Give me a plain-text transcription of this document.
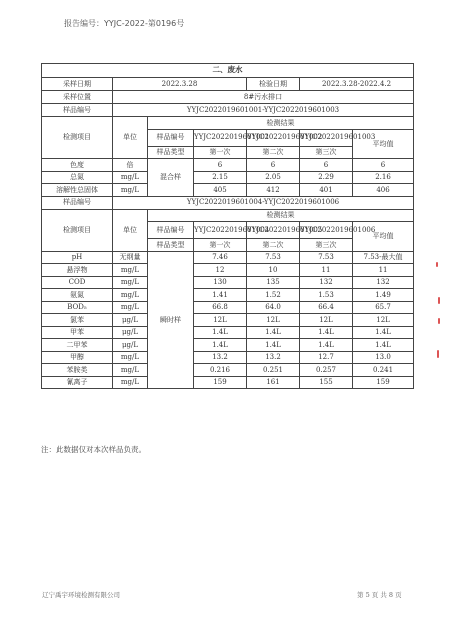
报告编号：YYJC-2022-第0196号
二、废水						
采样日期	2022.3.28			检验日期	2022.3.28-2022.4.2	
采样位置	8#污水排口					
样品编号	YYJC2022019601001-YYJC2022019601003					
检测项目	单位	检测结果				
		样品编号	YYJC2022019601001	YYJC2022019601002	YYJC2022019601003	平均值
		样品类型	第一次	第二次	第三次	
色度	倍	混合样	6	6	6	6
总氮	mg/L		2.15	2.05	2.29	2.16
溶解性总固体	mg/L		405	412	401	406
样品编号	YYJC2022019601004-YYJC2022019601006					
检测项目	单位	检测结果				
		样品编号	YYJC2022019601004	YYJC2022019601005	YYJC2022019601006	平均值
		样品类型	第一次	第二次	第三次	
pH	无纲量	瞬时样	7.46	7.53	7.53	7.53-最大值
悬浮物	mg/L		12	10	11	11
COD	mg/L		130	135	132	132
氨氮	mg/L		1.41	1.52	1.53	1.49
BOD₅	mg/L		66.8	64.0	66.4	65.7
氯苯	μg/L		12L	12L	12L	12L
甲苯	μg/L		1.4L	1.4L	1.4L	1.4L
二甲苯	μg/L		1.4L	1.4L	1.4L	1.4L
甲醇	mg/L		13.2	13.2	12.7	13.0
苯胺类	mg/L		0.216	0.251	0.257	0.241
氰离子	mg/L		159	161	155	159
注：此数据仅对本次样品负责。
辽宁禹宇环境检测有限公司	第 5 页 共 8 页
